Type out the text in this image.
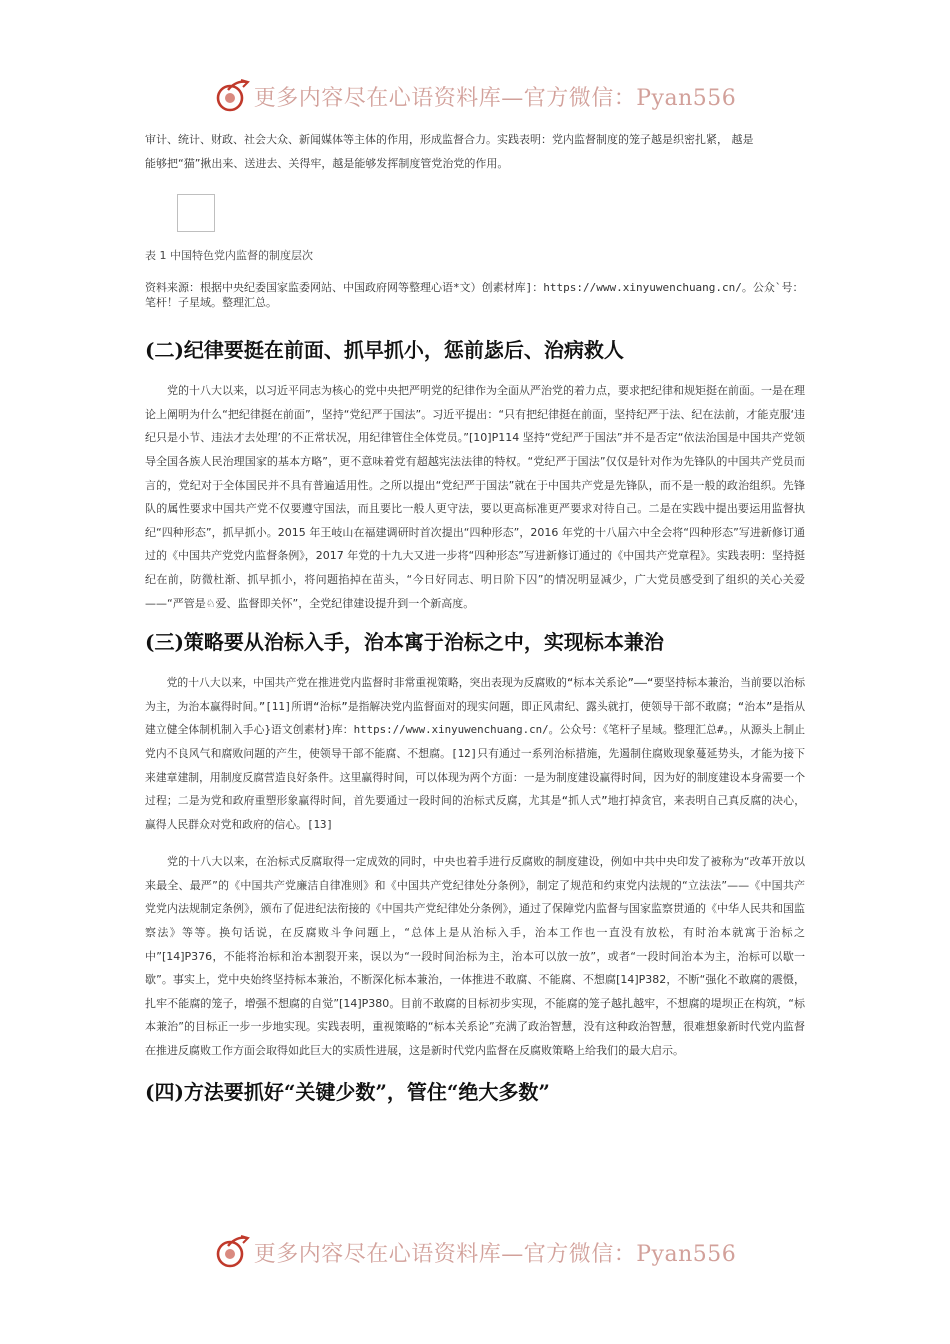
更多内容尽在心语资料库—官方微信：Pyan556

审计、统计、财政、社会大众、新闻媒体等主体的作用，形成监督合力。实践表明：党内监督制度的笼子越是织密扎紧， 越是

能够把“猫”揪出来、送进去、关得牢，越是能够发挥制度管党治党的作用。

表 1 中国特色党内监督的制度层次
资料来源：根据中央纪委国家监委网站、中国政府网等整理心语*文）创素材库]：https://www.xinyuwenchuang.cn/。公众`号：笔杆！子星域。整理汇总。
(二)纪律要挺在前面、抓早抓小，惩前毖后、治病救人

党的十八大以来，以习近平同志为核心的党中央把严明党的纪律作为全面从严治党的着力点，要求把纪律和规矩挺在前面。一是在理论上阐明为什么“把纪律挺在前面”，坚持“党纪严于国法”。习近平提出：“只有把纪律挺在前面，坚持纪严于法、纪在法前，才能克服‘违纪只是小节、违法才去处理’的不正常状况，用纪律管住全体党员。”[10]P114 坚持“党纪严于国法”并不是否定“依法治国是中国共产党领导全国各族人民治理国家的基本方略”，更不意味着党有超越宪法法律的特权。“党纪严于国法”仅仅是针对作为先锋队的中国共产党员而言的，党纪对于全体国民并不具有普遍适用性。之所以提出“党纪严于国法”就在于中国共产党是先锋队，而不是一般的政治组织。先锋队的属性要求中国共产党不仅要遵守国法，而且要比一般人更守法，要以更高标准更严要求对待自己。二是在实践中提出要运用监督执纪“四种形态”，抓早抓小。2015 年王岐山在福建调研时首次提出“四种形态”，2016 年党的十八届六中全会将“四种形态”写进新修订通过的《中国共产党党内监督条例》，2017 年党的十九大又进一步将“四种形态”写进新修订通过的《中国共产党章程》。实践表明：坚持挺纪在前，防微杜渐、抓早抓小，将问题掐掉在苗头，“今日好同志、明日阶下囚”的情况明显减少，广大党员感受到了组织的关心关爱——“严管是♘爱、监督即关怀”，全党纪律建设提升到一个新高度。

(三)策略要从治标入手，治本寓于治标之中，实现标本兼治

党的十八大以来，中国共产党在推进党内监督时非常重视策略，突出表现为反腐败的“标本关系论”——“要坚持标本兼治，当前要以治标为主，为治本赢得时间。”[11]所谓“治标”是指解决党内监督面对的现实问题，即正风肃纪、露头就打，使领导干部不敢腐；“治本”是指从建立健全体制机制入手心}语文创素材}库：https://www.xinyuwenchuang.cn/。公众号：《笔杆子星域。整理汇总#。，从源头上制止党内不良风气和腐败问题的产生，使领导干部不能腐、不想腐。[12]只有通过一系列治标措施，先遏制住腐败现象蔓延势头，才能为接下来建章建制，用制度反腐营造良好条件。这里赢得时间，可以体现为两个方面：一是为制度建设赢得时间，因为好的制度建设本身需要一个过程；二是为党和政府重塑形象赢得时间，首先要通过一段时间的治标式反腐，尤其是“抓人式”地打掉贪官，来表明自己真反腐的决心，赢得人民群众对党和政府的信心。[13]

党的十八大以来，在治标式反腐取得一定成效的同时，中央也着手进行反腐败的制度建设，例如中共中央印发了被称为“改革开放以来最全、最严”的《中国共产党廉洁自律准则》和《中国共产党纪律处分条例》，制定了规范和约束党内法规的“立法法”——《中国共产党党内法规制定条例》，颁布了促进纪法衔接的《中国共产党纪律处分条例》，通过了保障党内监督与国家监察贯通的《中华人民共和国监察法》等等。换句话说，在反腐败斗争问题上，“总体上是从治标入手，治本工作也一直没有放松，有时治本就寓于治标之中”[14]P376，不能将治标和治本割裂开来，误以为“一段时间治标为主，治本可以放一放”，或者“一段时间治本为主，治标可以歇一歇”。事实上，党中央始终坚持标本兼治，不断深化标本兼治，一体推进不敢腐、不能腐、不想腐[14]P382，不断“强化不敢腐的震慑，扎牢不能腐的笼子，增强不想腐的自觉”[14]P380。目前不敢腐的目标初步实现，不能腐的笼子越扎越牢，不想腐的堤坝正在构筑，“标本兼治”的目标正一步一步地实现。实践表明，重视策略的“标本关系论”充满了政治智慧，没有这种政治智慧，很难想象新时代党内监督在推进反腐败工作方面会取得如此巨大的实质性进展，这是新时代党内监督在反腐败策略上给我们的最大启示。

(四)方法要抓好“关键少数”，管住“绝大多数”
更多内容尽在心语资料库—官方微信：Pyan556
